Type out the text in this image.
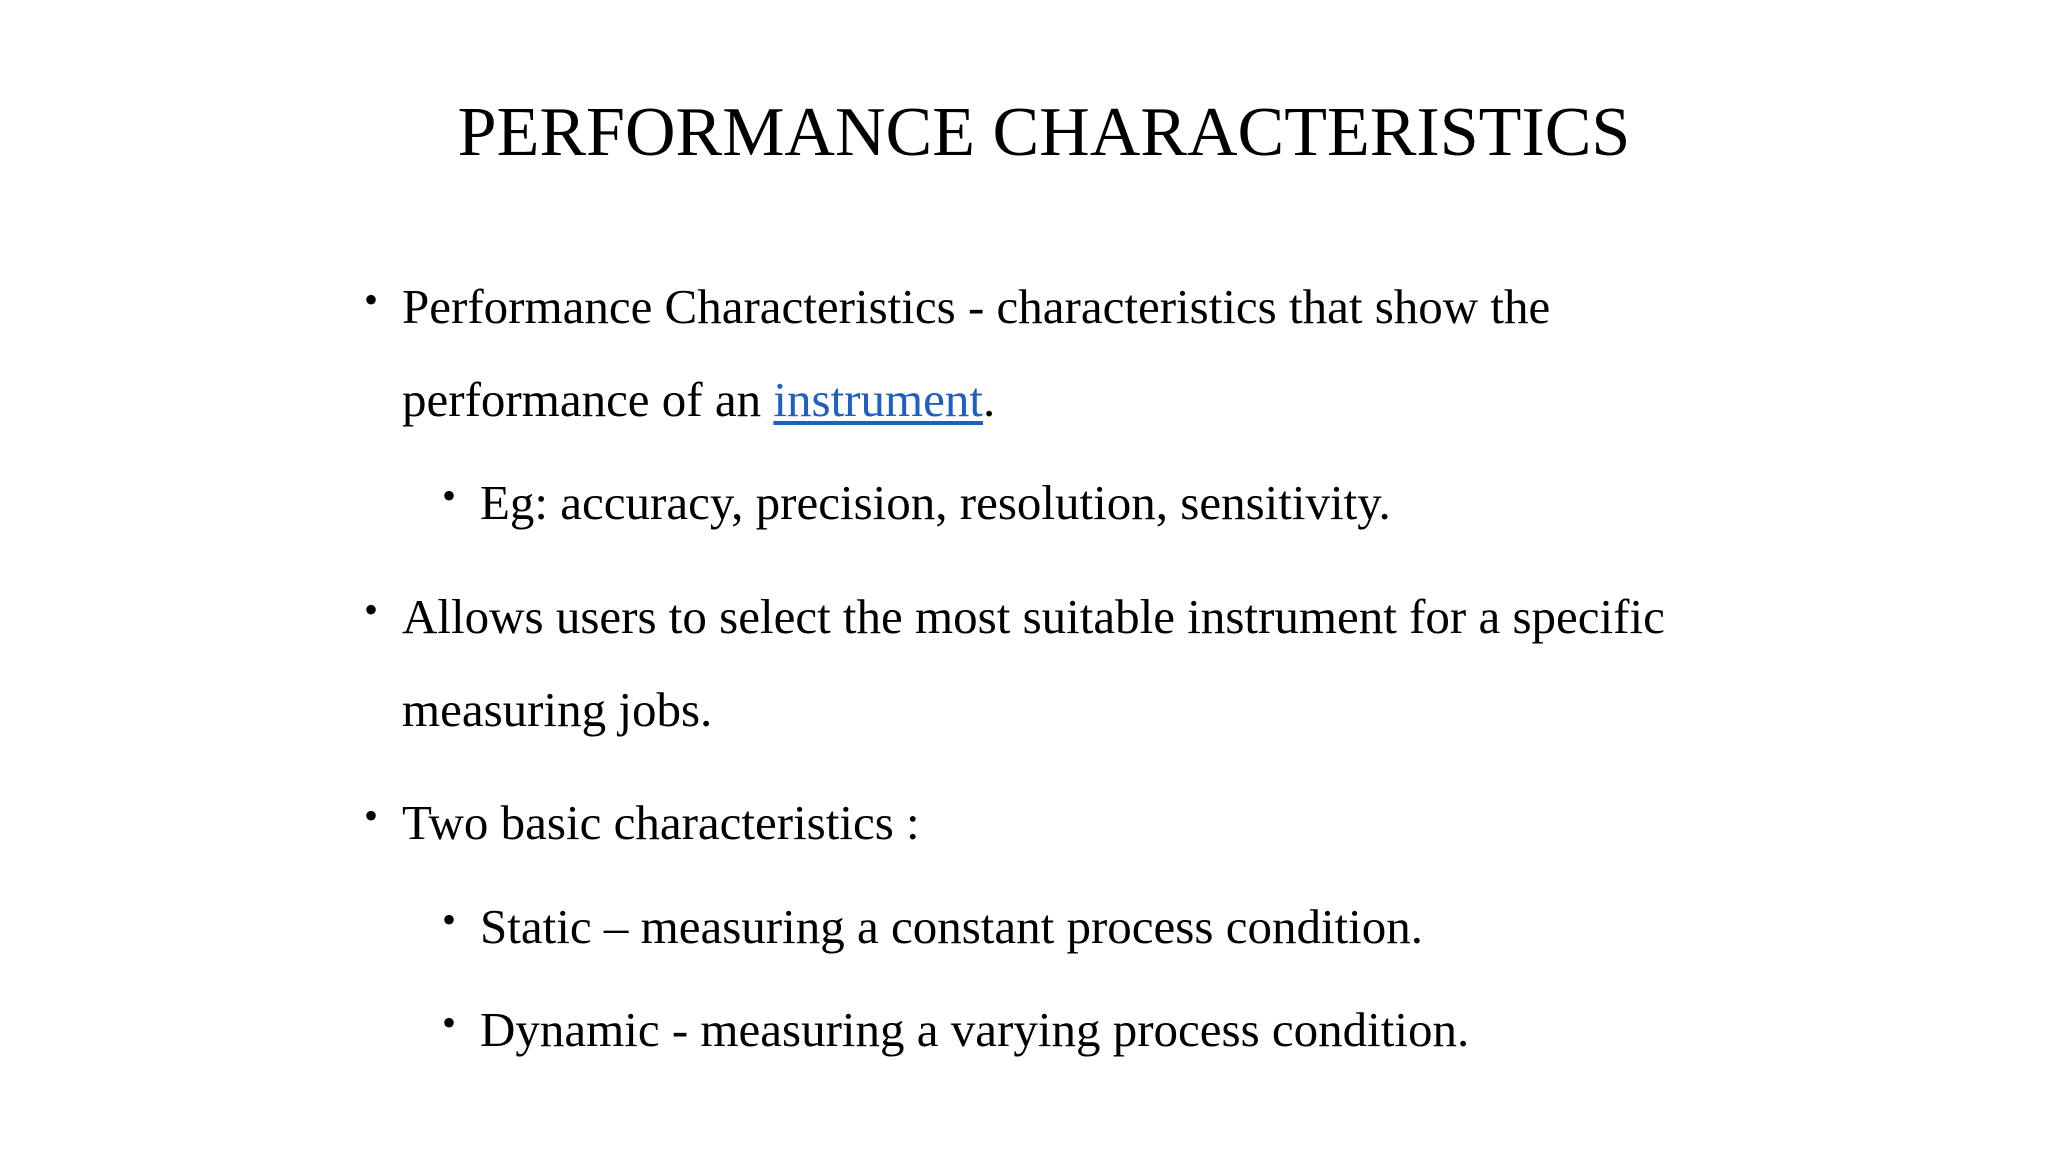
PERFORMANCE CHARACTERISTICS
• Performance Characteristics - characteristics that show the
performance of an instrument.
• Eg: accuracy, precision, resolution, sensitivity.
• Allows users to select the most suitable instrument for a specific
measuring jobs.
• Two basic characteristics :
• Static – measuring a constant process condition.
• Dynamic - measuring a varying process condition.
